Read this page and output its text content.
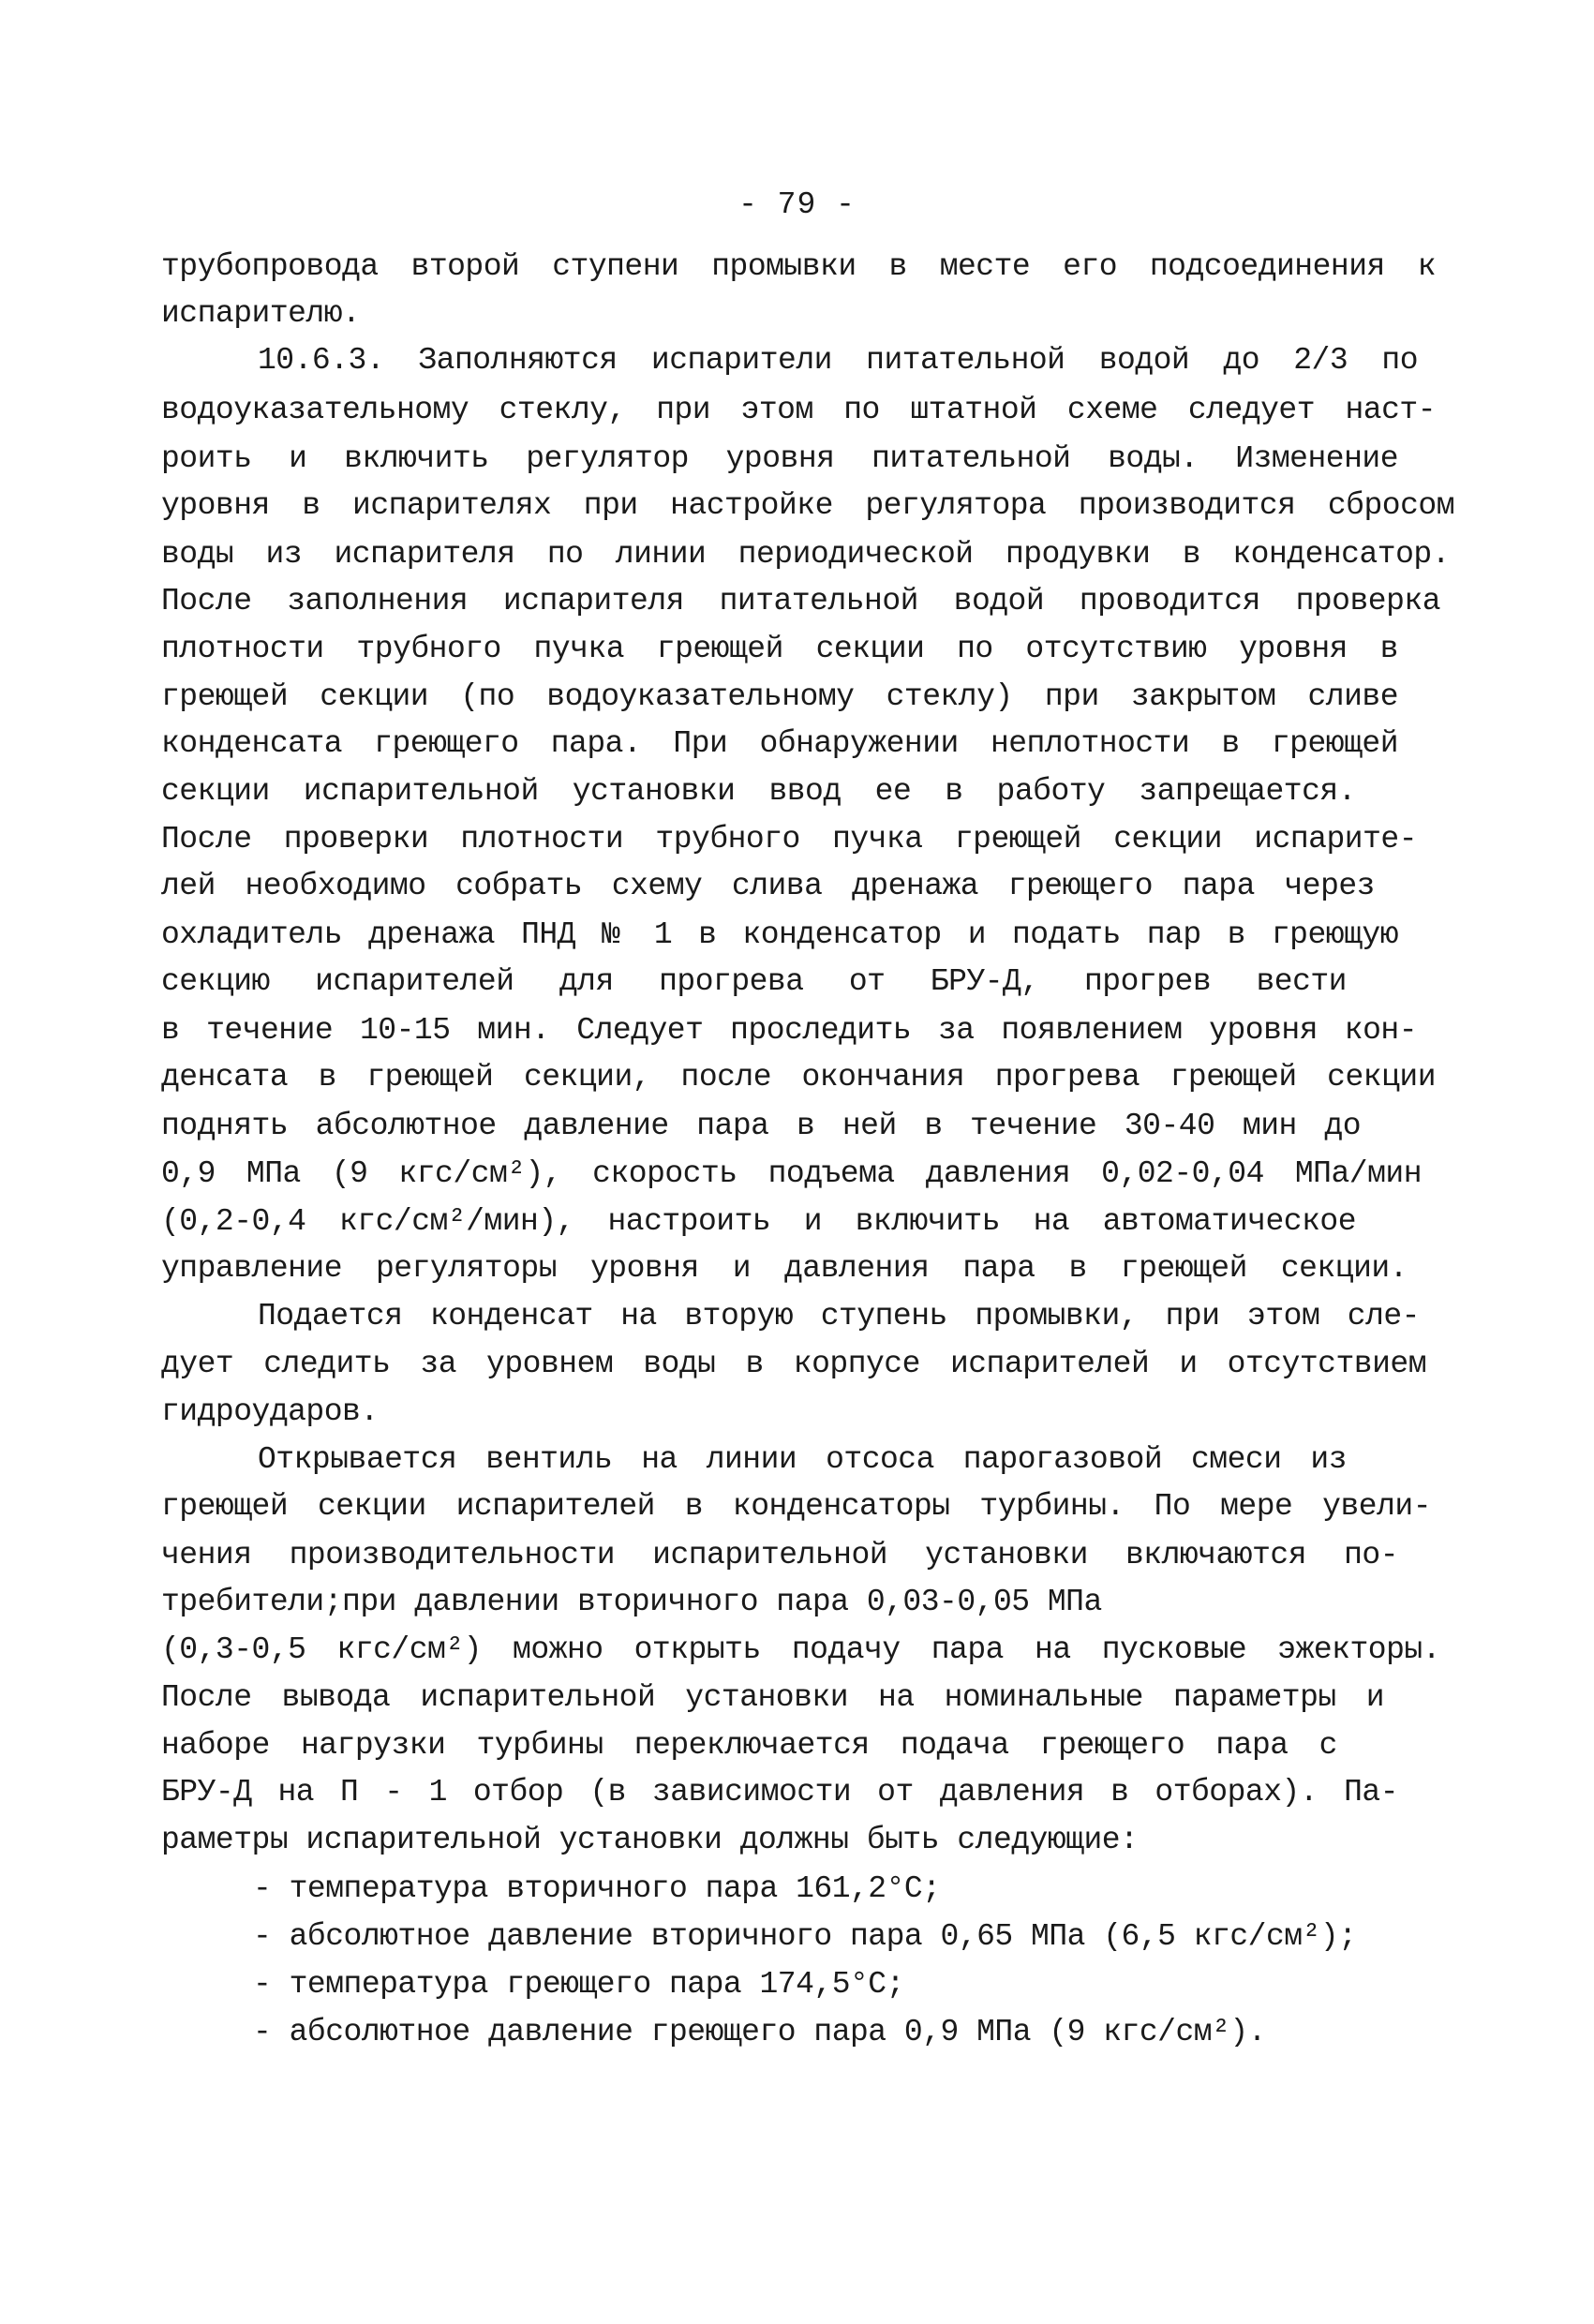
- 79 -
трубопровода второй ступени промывки в месте его подсоединения к
испарителю.
10.6.3. Заполняются испарители питательной водой до 2/3 по
водоуказательному стеклу, при этом по штатной схеме следует наст-
роить и включить регулятор уровня питательной воды. Изменение
уровня в испарителях при настройке регулятора производится сбросом
воды из испарителя по линии периодической продувки в конденсатор.
После заполнения испарителя питательной водой проводится проверка
плотности трубного пучка греющей секции по отсутствию уровня в
греющей секции (по водоуказательному стеклу) при закрытом сливе
конденсата греющего пара. При обнаружении неплотности в греющей
секции испарительной установки ввод ее в работу запрещается.
После проверки плотности трубного пучка греющей секции испарите-
лей необходимо собрать схему слива дренажа греющего пара через
охладитель дренажа ПНД № 1 в конденсатор и подать пар в греющую
секцию испарителей для прогрева от БРУ-Д, прогрев вести
в течение 10-15 мин. Следует проследить за появлением уровня кон-
денсата в греющей секции, после окончания прогрева греющей секции
поднять абсолютное давление пара в ней в течение 30-40 мин до
0,9 МПа (9 кгс/см²), скорость подъема давления 0,02-0,04 МПа/мин
(0,2-0,4 кгс/см²/мин), настроить и включить на автоматическое
управление регуляторы уровня и давления пара в греющей секции.
Подается конденсат на вторую ступень промывки, при этом сле-
дует следить за уровнем воды в корпусе испарителей и отсутствием
гидроударов.
Открывается вентиль на линии отсоса парогазовой смеси из
греющей секции испарителей в конденсаторы турбины. По мере увели-
чения производительности испарительной установки включаются по-
требители;при давлении вторичного пара 0,03-0,05 МПа
(0,3-0,5 кгс/см²) можно открыть подачу пара на пусковые эжекторы.
После вывода испарительной установки на номинальные параметры и
наборе нагрузки турбины переключается подача греющего пара с
БРУ-Д на П - 1 отбор (в зависимости от давления в отборах). Па-
раметры испарительной установки должны быть следующие:
- температура вторичного пара 161,2°С;
- абсолютное давление вторичного пара 0,65 МПа (6,5 кгс/см²);
- температура греющего пара 174,5°С;
- абсолютное давление греющего пара 0,9 МПа (9 кгс/см²).
